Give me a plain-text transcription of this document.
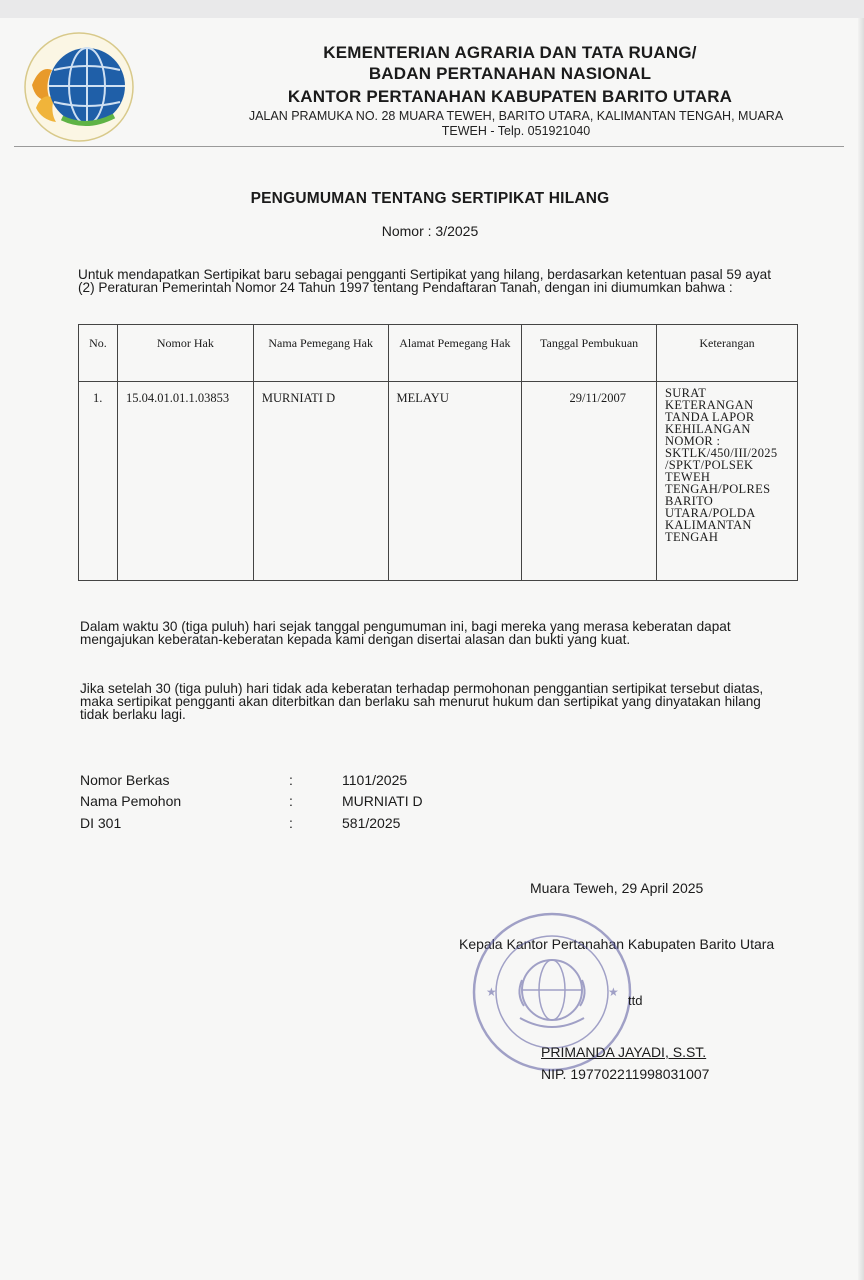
KEMENTERIAN AGRARIA DAN TATA RUANG/
BADAN PERTANAHAN NASIONAL
KANTOR PERTANAHAN KABUPATEN BARITO UTARA
JALAN PRAMUKA NO. 28 MUARA TEWEH, BARITO UTARA, KALIMANTAN TENGAH, MUARA
TEWEH - Telp. 051921040
PENGUMUMAN TENTANG SERTIPIKAT HILANG
Nomor : 3/2025
Untuk mendapatkan Sertipikat baru sebagai pengganti Sertipikat yang hilang, berdasarkan ketentuan pasal 59 ayat (2) Peraturan Pemerintah Nomor 24 Tahun 1997 tentang Pendaftaran Tanah, dengan ini diumumkan bahwa :
No.	Nomor Hak	Nama Pemegang Hak	Alamat Pemegang Hak	Tanggal Pembukuan	Keterangan
1.	15.04.01.01.1.03853	MURNIATI D	MELAYU	29/11/2007	SURAT KETERANGAN TANDA LAPOR KEHILANGAN NOMOR : SKTLK/450/III/2025 /SPKT/POLSEK TEWEH TENGAH/POLRES BARITO UTARA/POLDA KALIMANTAN TENGAH
Dalam waktu 30 (tiga puluh) hari sejak tanggal pengumuman ini, bagi mereka yang merasa keberatan dapat mengajukan keberatan-keberatan kepada kami dengan disertai alasan dan bukti yang kuat.
Jika setelah 30 (tiga puluh) hari tidak ada keberatan terhadap permohonan penggantian sertipikat tersebut diatas, maka sertipikat pengganti akan diterbitkan dan berlaku sah menurut hukum dan sertipikat yang dinyatakan hilang tidak berlaku lagi.
Nomor Berkas	:	1101/2025
Nama Pemohon	:	MURNIATI D
DI 301	:	581/2025
Muara Teweh, 29 April 2025
Kepala Kantor Pertanahan Kabupaten Barito Utara
★	★
ttd
PRIMANDA JAYADI, S.ST.
NIP. 197702211998031007
